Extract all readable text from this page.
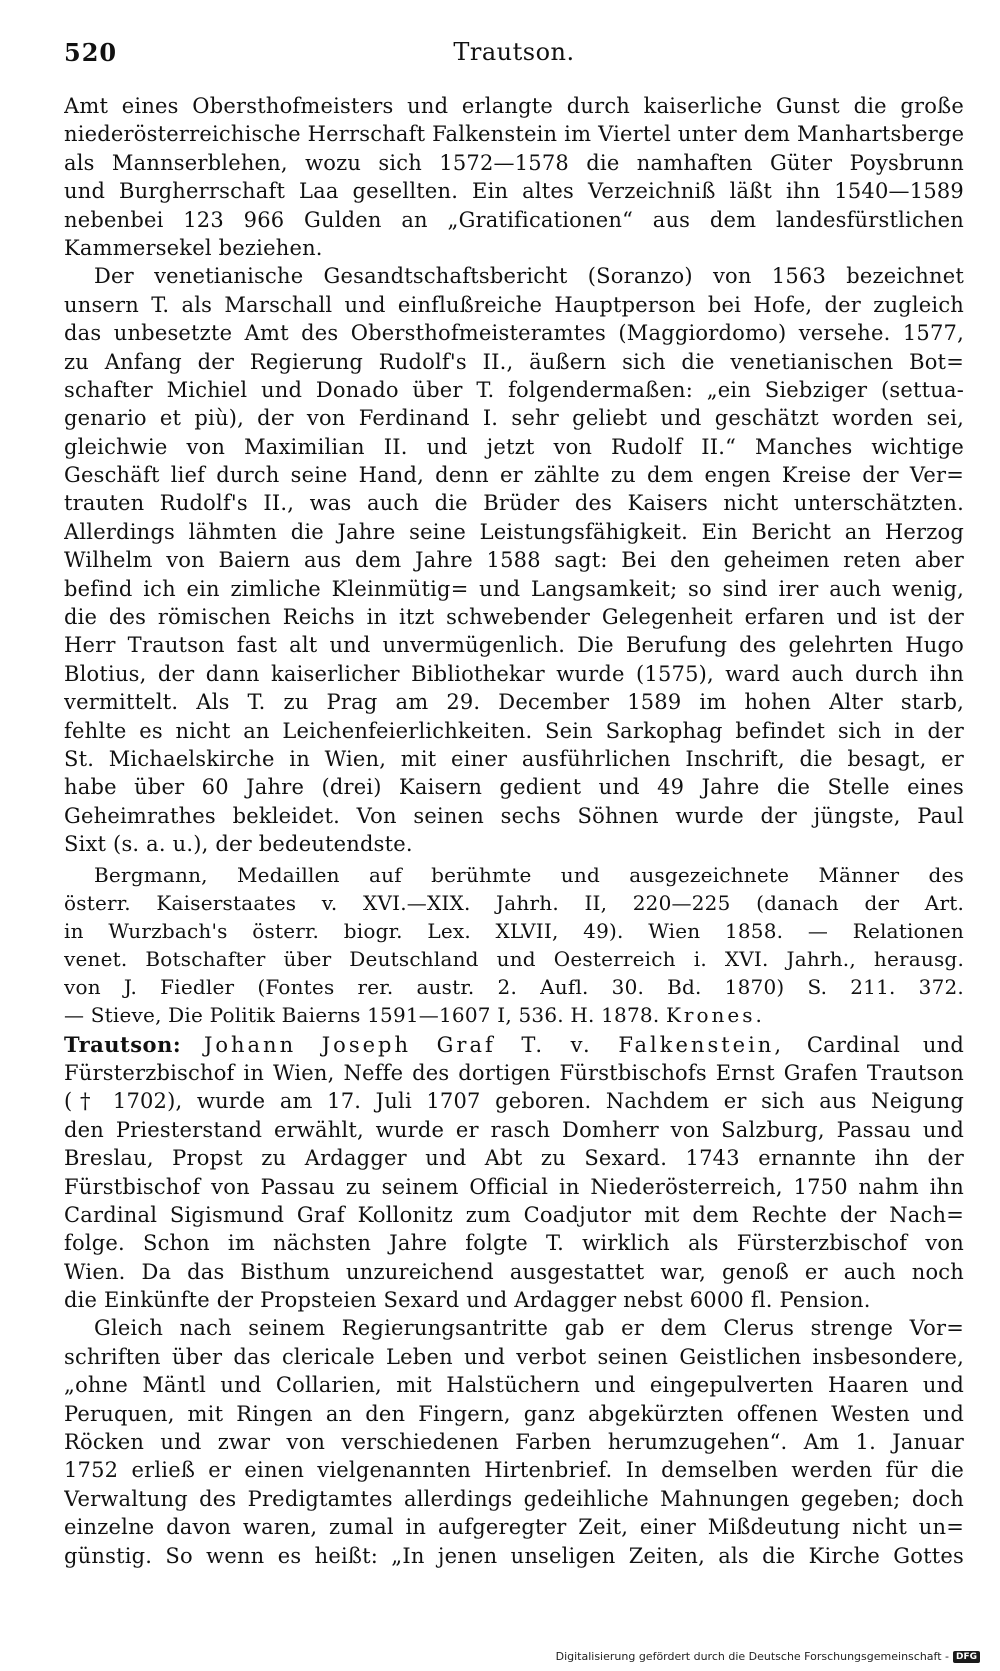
520	Trautson.
Amt eines Obersthofmeisters und erlangte durch kaiserliche Gunst die große
niederösterreichische Herrschaft Falkenstein im Viertel unter dem Manhartsberge
als Mannserblehen, wozu sich 1572—1578 die namhaften Güter Poysbrunn
und Burgherrschaft Laa gesellten. Ein altes Verzeichniß läßt ihn 1540—1589
nebenbei 123 966 Gulden an „Gratificationen“ aus dem landesfürstlichen
Kammersekel beziehen.
Der venetianische Gesandtschaftsbericht (Soranzo) von 1563 bezeichnet
unsern T. als Marschall und einflußreiche Hauptperson bei Hofe, der zugleich
das unbesetzte Amt des Obersthofmeisteramtes (Maggiordomo) versehe. 1577,
zu Anfang der Regierung Rudolf's II., äußern sich die venetianischen Bot=
schafter Michiel und Donado über T. folgendermaßen: „ein Siebziger (settua-
genario et più), der von Ferdinand I. sehr geliebt und geschätzt worden sei,
gleichwie von Maximilian II. und jetzt von Rudolf II.“ Manches wichtige
Geschäft lief durch seine Hand, denn er zählte zu dem engen Kreise der Ver=
trauten Rudolf's II., was auch die Brüder des Kaisers nicht unterschätzten.
Allerdings lähmten die Jahre seine Leistungsfähigkeit. Ein Bericht an Herzog
Wilhelm von Baiern aus dem Jahre 1588 sagt: Bei den geheimen reten aber
befind ich ein zimliche Kleinmütig= und Langsamkeit; so sind irer auch wenig,
die des römischen Reichs in itzt schwebender Gelegenheit erfaren und ist der
Herr Trautson fast alt und unvermügenlich. Die Berufung des gelehrten Hugo
Blotius, der dann kaiserlicher Bibliothekar wurde (1575), ward auch durch ihn
vermittelt. Als T. zu Prag am 29. December 1589 im hohen Alter starb,
fehlte es nicht an Leichenfeierlichkeiten. Sein Sarkophag befindet sich in der
St. Michaelskirche in Wien, mit einer ausführlichen Inschrift, die besagt, er
habe über 60 Jahre (drei) Kaisern gedient und 49 Jahre die Stelle eines
Geheimrathes bekleidet. Von seinen sechs Söhnen wurde der jüngste, Paul
Sixt (s. a. u.), der bedeutendste.
Bergmann, Medaillen auf berühmte und ausgezeichnete Männer des
österr. Kaiserstaates v. XVI.—XIX. Jahrh. II, 220—225 (danach der Art.
in Wurzbach's österr. biogr. Lex. XLVII, 49). Wien 1858. — Relationen
venet. Botschafter über Deutschland und Oesterreich i. XVI. Jahrh., herausg.
von J. Fiedler (Fontes rer. austr. 2. Aufl. 30. Bd. 1870) S. 211. 372.
— Stieve, Die Politik Baierns 1591—1607 I, 536. H. 1878. Krones.
Trautson: Johann Joseph Graf T. v. Falkenstein, Cardinal und
Fürsterzbischof in Wien, Neffe des dortigen Fürstbischofs Ernst Grafen Trautson
(† 1702), wurde am 17. Juli 1707 geboren. Nachdem er sich aus Neigung
den Priesterstand erwählt, wurde er rasch Domherr von Salzburg, Passau und
Breslau, Propst zu Ardagger und Abt zu Sexard. 1743 ernannte ihn der
Fürstbischof von Passau zu seinem Official in Niederösterreich, 1750 nahm ihn
Cardinal Sigismund Graf Kollonitz zum Coadjutor mit dem Rechte der Nach=
folge. Schon im nächsten Jahre folgte T. wirklich als Fürsterzbischof von
Wien. Da das Bisthum unzureichend ausgestattet war, genoß er auch noch
die Einkünfte der Propsteien Sexard und Ardagger nebst 6000 fl. Pension.
Gleich nach seinem Regierungsantritte gab er dem Clerus strenge Vor=
schriften über das clericale Leben und verbot seinen Geistlichen insbesondere,
„ohne Mäntl und Collarien, mit Halstüchern und eingepulverten Haaren und
Peruquen, mit Ringen an den Fingern, ganz abgekürzten offenen Westen und
Röcken und zwar von verschiedenen Farben herumzugehen“. Am 1. Januar
1752 erließ er einen vielgenannten Hirtenbrief. In demselben werden für die
Verwaltung des Predigtamtes allerdings gedeihliche Mahnungen gegeben; doch
einzelne davon waren, zumal in aufgeregter Zeit, einer Mißdeutung nicht un=
günstig. So wenn es heißt: „In jenen unseligen Zeiten, als die Kirche Gottes
Digitalisierung gefördert durch die Deutsche Forschungsgemeinschaft - DFG
